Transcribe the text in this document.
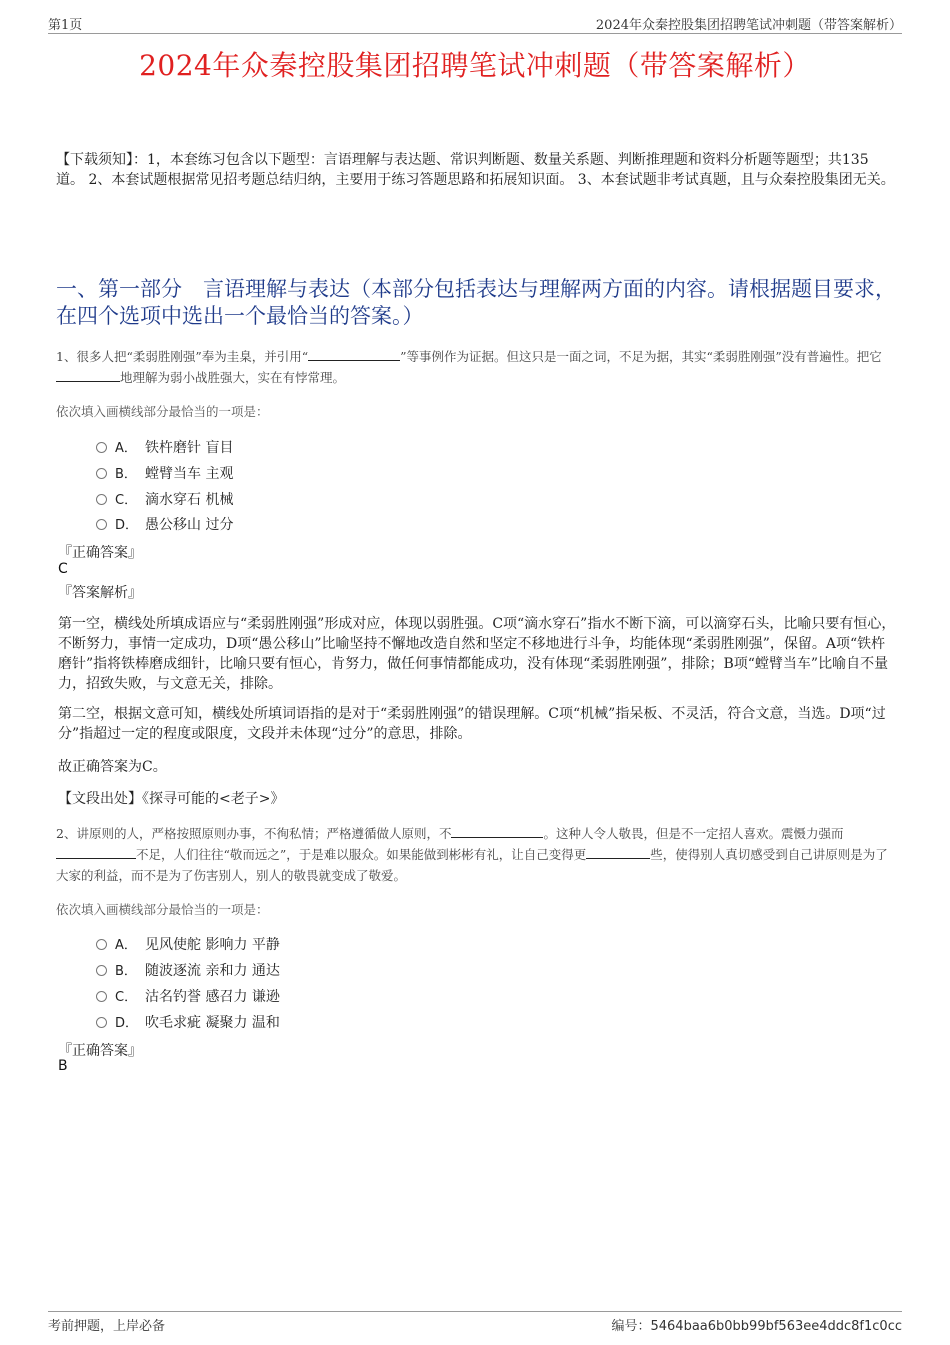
第1页	2024年众秦控股集团招聘笔试冲刺题（带答案解析）
2024年众秦控股集团招聘笔试冲刺题（带答案解析）
【下载须知】：1，本套练习包含以下题型：言语理解与表达题、常识判断题、数量关系题、判断推理题和资料分析题等题型；共135道。 2、本套试题根据常见招考题总结归纳，主要用于练习答题思路和拓展知识面。 3、本套试题非考试真题，且与众秦控股集团无关。
一、第一部分　言语理解与表达（本部分包括表达与理解两方面的内容。请根据题目要求，在四个选项中选出一个最恰当的答案。）
1、很多人把“柔弱胜刚强”奉为圭臬，并引用“	”等事例作为证据。但这只是一面之词，不足为据，其实“柔弱胜刚强”没有普遍性。把它地理解为弱小战胜强大，实在有悖常理。
依次填入画横线部分最恰当的一项是：
A． 铁杵磨针 盲目
B． 螳臂当车 主观
C． 滴水穿石 机械
D． 愚公移山 过分
『正确答案』
C
『答案解析』
第一空，横线处所填成语应与“柔弱胜刚强”形成对应，体现以弱胜强。C项“滴水穿石”指水不断下滴，可以滴穿石头，比喻只要有恒心，不断努力，事情一定成功，D项“愚公移山”比喻坚持不懈地改造自然和坚定不移地进行斗争，均能体现“柔弱胜刚强”，保留。A项“铁杵磨针”指将铁棒磨成细针，比喻只要有恒心，肯努力，做任何事情都能成功，没有体现“柔弱胜刚强”，排除；B项“螳臂当车”比喻自不量力，招致失败，与文意无关，排除。
第二空，根据文意可知，横线处所填词语指的是对于“柔弱胜刚强”的错误理解。C项“机械”指呆板、不灵活，符合文意，当选。D项“过分”指超过一定的程度或限度，文段并未体现“过分”的意思，排除。
故正确答案为C。
【文段出处】《探寻可能的<老子>》
2、讲原则的人，严格按照原则办事，不徇私情；严格遵循做人原则，不	。这种人令人敬畏，但是不一定招人喜欢。震慑力强而不足，人们往往“敬而远之”，于是难以服众。如果能做到彬彬有礼，让自己变得更	些，使得别人真切感受到自己讲原则是为了大家的利益，而不是为了伤害别人，别人的敬畏就变成了敬爱。
依次填入画横线部分最恰当的一项是：
A． 见风使舵 影响力 平静
B． 随波逐流 亲和力 通达
C． 沽名钓誉 感召力 谦逊
D． 吹毛求疵 凝聚力 温和
『正确答案』
B
考前押题，上岸必备	编号：5464baa6b0bb99bf563ee4ddc8f1c0cc
